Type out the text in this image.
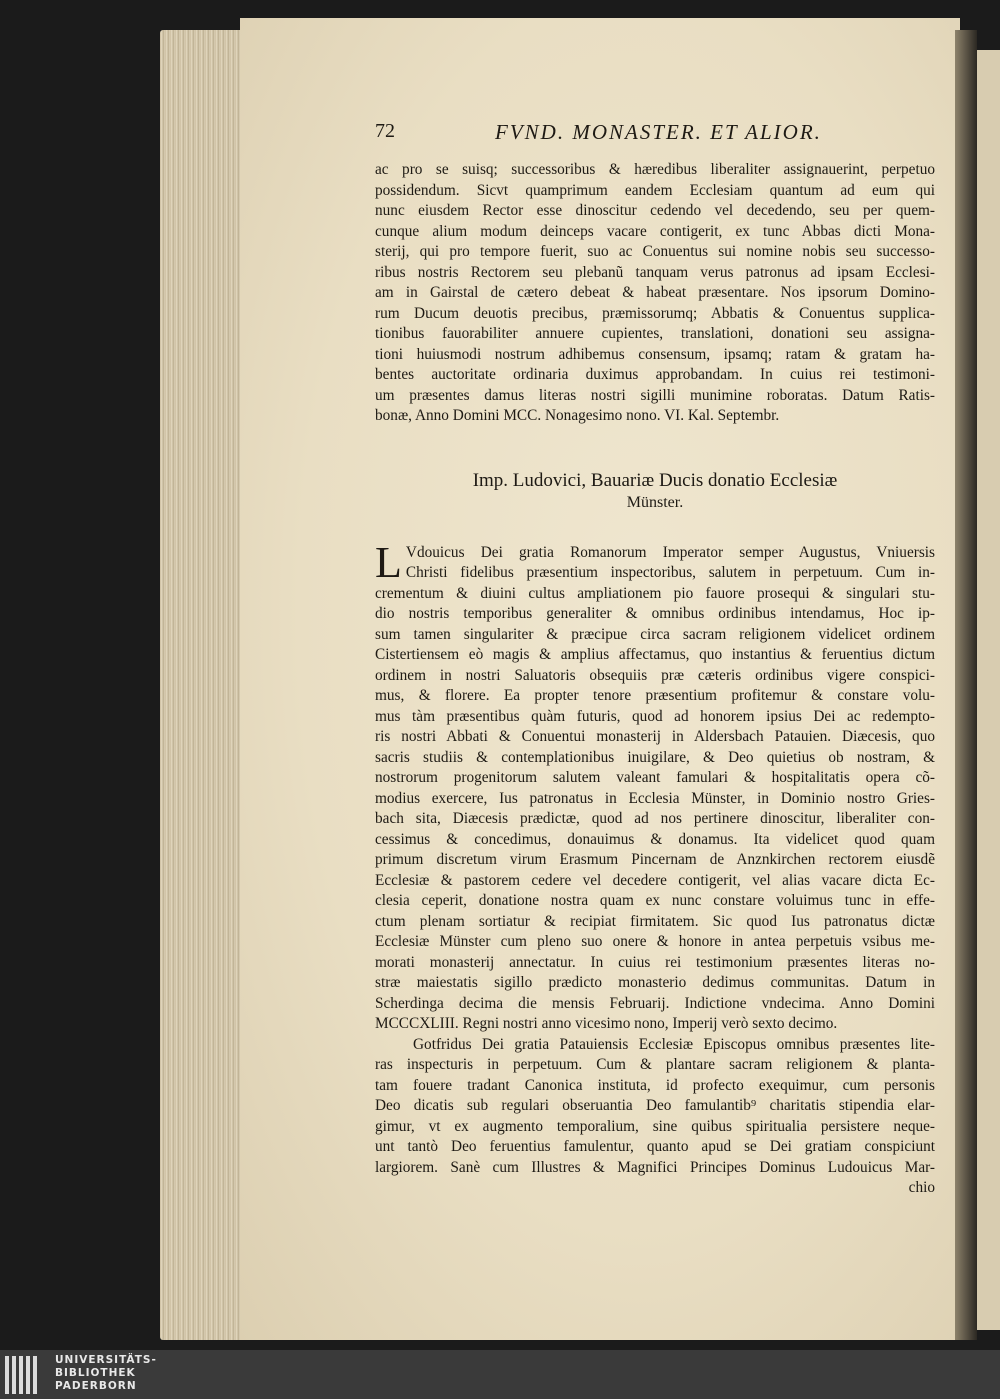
72	FVND. MONASTER. ET ALIOR.
ac pro se suisq; successoribus & hæredibus liberaliter assignauerint, perpetuo
possidendum. Sicvt quamprimum eandem Ecclesiam quantum ad eum qui
nunc eiusdem Rector esse dinoscitur cedendo vel decedendo, seu per quem-
cunque alium modum deinceps vacare contigerit, ex tunc Abbas dicti Mona-
sterij, qui pro tempore fuerit, suo ac Conuentus sui nomine nobis seu successo-
ribus nostris Rectorem seu plebanũ tanquam verus patronus ad ipsam Ecclesi-
am in Gairstal de cætero debeat & habeat præsentare. Nos ipsorum Domino-
rum Ducum deuotis precibus, præmissorumq; Abbatis & Conuentus supplica-
tionibus fauorabiliter annuere cupientes, translationi, donationi seu assigna-
tioni huiusmodi nostrum adhibemus consensum, ipsamq; ratam & gratam ha-
bentes auctoritate ordinaria duximus approbandam. In cuius rei testimoni-
um præsentes damus literas nostri sigilli munimine roboratas. Datum Ratis-
bonæ, Anno Domini MCC. Nonagesimo nono. VI. Kal. Septembr.
Imp. Ludovici, Bauariæ Ducis donatio Ecclesiæ
Münster.
L Vdouicus Dei gratia Romanorum Imperator semper Augustus, Vniuersis
Christi fidelibus præsentium inspectoribus, salutem in perpetuum. Cum in-
crementum & diuini cultus ampliationem pio fauore prosequi & singulari stu-
dio nostris temporibus generaliter & omnibus ordinibus intendamus, Hoc ip-
sum tamen singulariter & præcipue circa sacram religionem videlicet ordinem
Cistertiensem eò magis & amplius affectamus, quo instantius & feruentius dictum
ordinem in nostri Saluatoris obsequiis præ cæteris ordinibus vigere conspici-
mus, & florere. Ea propter tenore præsentium profitemur & constare volu-
mus tàm præsentibus quàm futuris, quod ad honorem ipsius Dei ac redempto-
ris nostri Abbati & Conuentui monasterij in Aldersbach Patauien. Diæcesis, quo
sacris studiis & contemplationibus inuigilare, & Deo quietius ob nostram, &
nostrorum progenitorum salutem valeant famulari & hospitalitatis opera cõ-
modius exercere, Ius patronatus in Ecclesia Münster, in Dominio nostro Gries-
bach sita, Diæcesis prædictæ, quod ad nos pertinere dinoscitur, liberaliter con-
cessimus & concedimus, donauimus & donamus. Ita videlicet quod quam
primum discretum virum Erasmum Pincernam de Anznkirchen rectorem eiusdẽ
Ecclesiæ & pastorem cedere vel decedere contigerit, vel alias vacare dicta Ec-
clesia ceperit, donatione nostra quam ex nunc constare voluimus tunc in effe-
ctum plenam sortiatur & recipiat firmitatem. Sic quod Ius patronatus dictæ
Ecclesiæ Münster cum pleno suo onere & honore in antea perpetuis vsibus me-
morati monasterij annectatur. In cuius rei testimonium præsentes literas no-
stræ maiestatis sigillo prædicto monasterio dedimus communitas. Datum in
Scherdinga decima die mensis Februarij. Indictione vndecima. Anno Domini
MCCCXLIII. Regni nostri anno vicesimo nono, Imperij verò sexto decimo.
Gotfridus Dei gratia Patauiensis Ecclesiæ Episcopus omnibus præsentes lite-
ras inspecturis in perpetuum. Cum & plantare sacram religionem & planta-
tam fouere tradant Canonica instituta, id profecto exequimur, cum personis
Deo dicatis sub regulari obseruantia Deo famulantib⁹ charitatis stipendia elar-
gimur, vt ex augmento temporalium, sine quibus spiritualia persistere neque-
unt tantò Deo feruentius famulentur, quanto apud se Dei gratiam conspiciunt
largiorem. Sanè cum Illustres & Magnifici Principes Dominus Ludouicus Mar-
chio
UNIVERSITÄTS-
BIBLIOTHEK
PADERBORN
